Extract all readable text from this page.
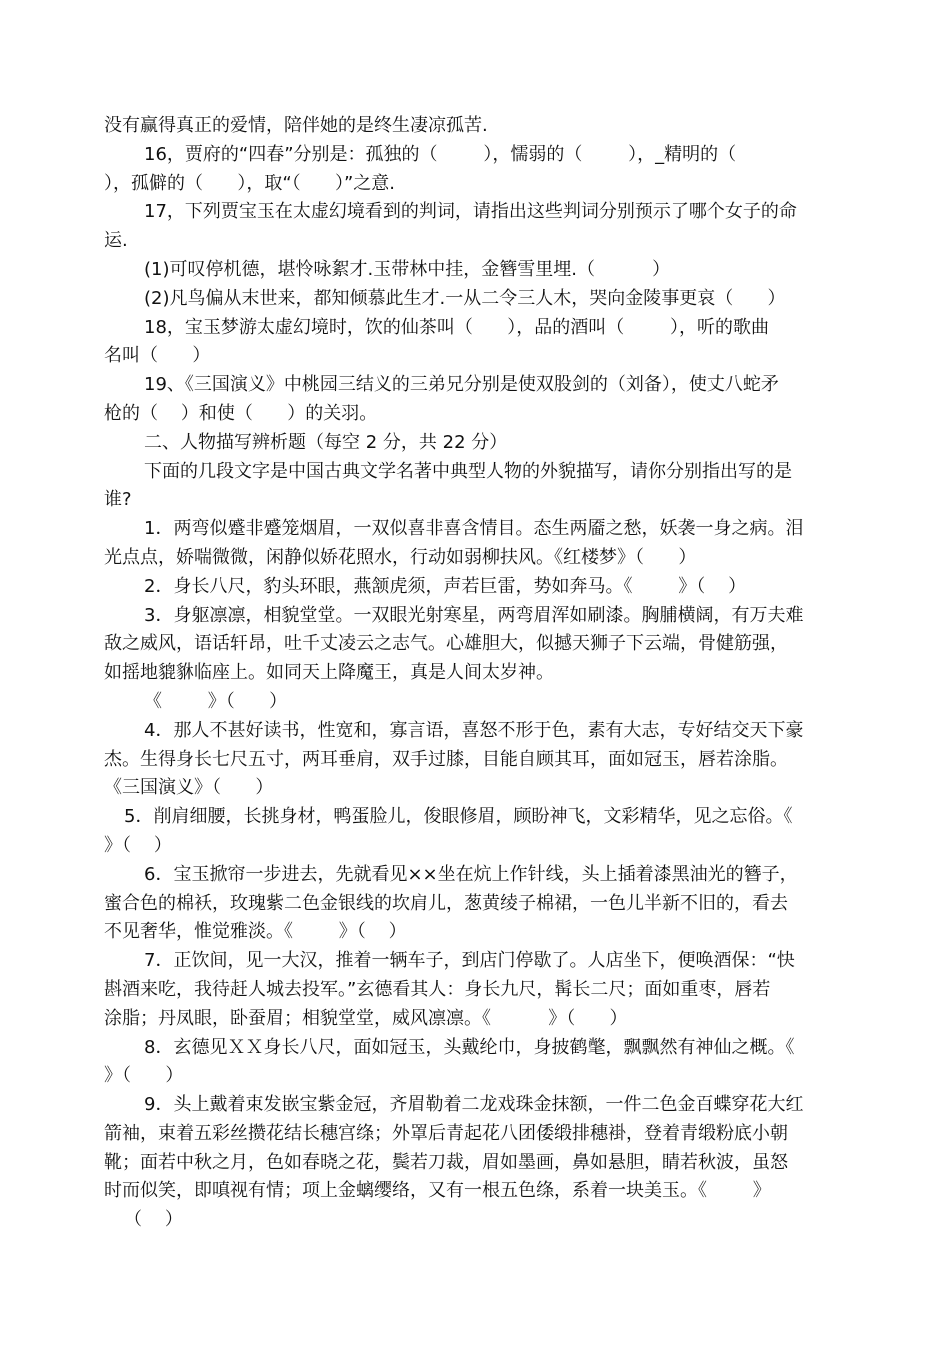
没有赢得真正的爱情，陪伴她的是终生凄凉孤苦.
16，贾府的“四春”分别是：孤独的（        ），懦弱的（        ），_精明的（
），孤僻的（      ），取“（      ）”之意.
17，下列贾宝玉在太虚幻境看到的判词，请指出这些判词分别预示了哪个女子的命
运.
(1)可叹停机德，堪怜咏絮才.玉带林中挂，金簪雪里埋.（          ）
(2)凡鸟偏从末世来，都知倾慕此生才.一从二令三人木，哭向金陵事更哀（      ）
18，宝玉梦游太虚幻境时，饮的仙茶叫（      ），品的酒叫（        ），听的歌曲
名叫（      ）
19、《三国演义》中桃园三结义的三弟兄分别是使双股剑的（刘备），使丈八蛇矛
枪的（    ）和使（      ）的关羽。
二、人物描写辨析题（每空 2 分，共 22 分）
下面的几段文字是中国古典文学名著中典型人物的外貌描写，请你分别指出写的是
谁?
1．两弯似蹙非蹙笼烟眉，一双似喜非喜含情目。态生两靥之愁，妖袭一身之病。泪
光点点，娇喘微微，闲静似娇花照水，行动如弱柳扶风。《红楼梦》（      ）
2．身长八尺，豹头环眼，燕颔虎须，声若巨雷，势如奔马。《        》（    ）
3．身躯凛凛，相貌堂堂。一双眼光射寒星，两弯眉浑如刷漆。胸脯横阔，有万夫难
敌之威风，语话轩昂，吐千丈凌云之志气。心雄胆大，似撼天狮子下云端，骨健筋强，
如摇地貔貅临座上。如同天上降魔王，真是人间太岁神。
《        》（      ）
4．那人不甚好读书，性宽和，寡言语，喜怒不形于色，素有大志，专好结交天下豪
杰。生得身长七尺五寸，两耳垂肩，双手过膝，目能自顾其耳，面如冠玉，唇若涂脂。
《三国演义》（      ）
5．削肩细腰，长挑身材，鸭蛋脸儿，俊眼修眉，顾盼神飞，文彩精华，见之忘俗。《
》（    ）
6．宝玉掀帘一步进去，先就看见××坐在炕上作针线，头上插着漆黑油光的簪子，
蜜合色的棉袄，玫瑰紫二色金银线的坎肩儿，葱黄绫子棉裙，一色儿半新不旧的，看去
不见奢华，惟觉雅淡。《        》（    ）
7．正饮间，见一大汉，推着一辆车子，到店门停歇了。人店坐下，便唤酒保：“快
斟酒来吃，我待赶人城去投军。”玄德看其人：身长九尺，髯长二尺；面如重枣，唇若
涂脂；丹凤眼，卧蚕眉；相貌堂堂，威风凛凛。《          》（      ）
8．玄德见ＸＸ身长八尺，面如冠玉，头戴纶巾，身披鹤氅，飘飘然有神仙之概。《
》（      ）
9．头上戴着束发嵌宝紫金冠，齐眉勒着二龙戏珠金抹额，一件二色金百蝶穿花大红
箭袖，束着五彩丝攒花结长穗宫绦；外罩后青起花八团倭缎排穗褂，登着青缎粉底小朝
靴；面若中秋之月，色如春晓之花，鬓若刀裁，眉如墨画，鼻如悬胆，睛若秋波，虽怒
时而似笑，即嗔视有情；项上金螭缨络，又有一根五色绦，系着一块美玉。《        》
（    ）
